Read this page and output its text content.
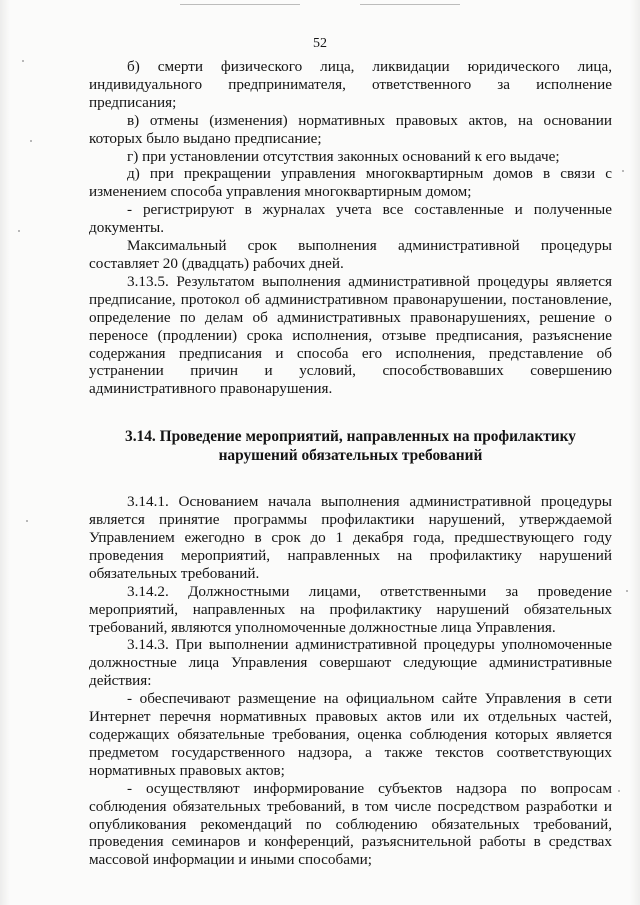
52

б) смерти физического лица, ликвидации юридического лица, индивидуального предпринимателя, ответственного за исполнение предписания;

в) отмены (изменения) нормативных правовых актов, на основании которых было выдано предписание;

г) при установлении отсутствия законных оснований к его выдаче;

д) при прекращении управления многоквартирным домов в связи с изменением способа управления многоквартирным домом;

- регистрируют в журналах учета все составленные и полученные документы.

Максимальный срок выполнения административной процедуры составляет 20 (двадцать) рабочих дней.

3.13.5. Результатом выполнения административной процедуры является предписание, протокол об административном правонарушении, постановление, определение по делам об административных правонарушениях, решение о переносе (продлении) срока исполнения, отзыве предписания, разъяснение содержания предписания и способа его исполнения, представление об устранении причин и условий, способствовавших совершению административного правонарушения.

3.14. Проведение мероприятий, направленных на профилактику нарушений обязательных требований

3.14.1. Основанием начала выполнения административной процедуры является принятие программы профилактики нарушений, утверждаемой Управлением ежегодно в срок до 1 декабря года, предшествующего году проведения мероприятий, направленных на профилактику нарушений обязательных требований.

3.14.2. Должностными лицами, ответственными за проведение мероприятий, направленных на профилактику нарушений обязательных требований, являются уполномоченные должностные лица Управления.

3.14.3. При выполнении административной процедуры уполномоченные должностные лица Управления совершают следующие административные действия:

- обеспечивают размещение на официальном сайте Управления в сети Интернет перечня нормативных правовых актов или их отдельных частей, содержащих обязательные требования, оценка соблюдения которых является предметом государственного надзора, а также текстов соответствующих нормативных правовых актов;

- осуществляют информирование субъектов надзора по вопросам соблюдения обязательных требований, в том числе посредством разработки и опубликования рекомендаций по соблюдению обязательных требований, проведения семинаров и конференций, разъяснительной работы в средствах массовой информации и иными способами;
